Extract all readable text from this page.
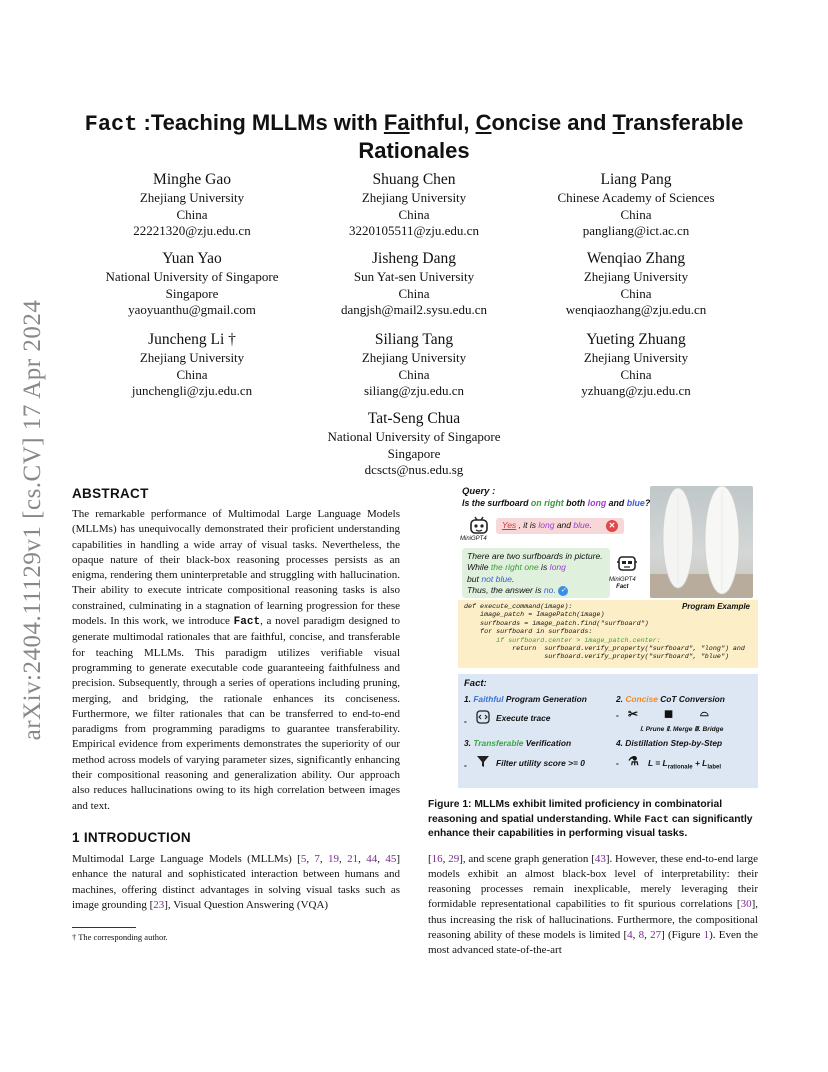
arXiv:2404.11129v1 [cs.CV] 17 Apr 2024
Fact :Teaching MLLMs with Faithful, Concise and Transferable
Rationales
Minghe Gao
Zhejiang University
China
22221320@zju.edu.cn
Shuang Chen
Zhejiang University
China
3220105511@zju.edu.cn
Liang Pang
Chinese Academy of Sciences
China
pangliang@ict.ac.cn
Yuan Yao
National University of Singapore
Singapore
yaoyuanthu@gmail.com
Jisheng Dang
Sun Yat-sen University
China
dangjsh@mail2.sysu.edu.cn
Wenqiao Zhang
Zhejiang University
China
wenqiaozhang@zju.edu.cn
Juncheng Li †
Zhejiang University
China
junchengli@zju.edu.cn
Siliang Tang
Zhejiang University
China
siliang@zju.edu.cn
Yueting Zhuang
Zhejiang University
China
yzhuang@zju.edu.cn
Tat-Seng Chua
National University of Singapore
Singapore
dcscts@nus.edu.sg
ABSTRACT

The remarkable performance of Multimodal Large Language Models (MLLMs) has unequivocally demonstrated their proficient understanding capabilities in handling a wide array of visual tasks. Nevertheless, the opaque nature of their black-box reasoning processes persists as an enigma, rendering them uninterpretable and struggling with hallucination. Their ability to execute intricate compositional reasoning tasks is also constrained, culminating in a stagnation of learning progression for these models. In this work, we introduce Fact, a novel paradigm designed to generate multimodal rationales that are faithful, concise, and transferable for teaching MLLMs. This paradigm utilizes verifiable visual programming to generate executable code guaranteeing faithfulness and precision. Subsequently, through a series of operations including pruning, merging, and bridging, the rationale enhances its conciseness. Furthermore, we filter rationales that can be transferred to end-to-end paradigms from programming paradigms to guarantee transferability. Empirical evidence from experiments demonstrates the superiority of our method across models of varying parameter sizes, significantly enhancing their compositional reasoning and generalization ability. Our approach also reduces hallucinations owing to its high correlation between images and text.

1 INTRODUCTION

Multimodal Large Language Models (MLLMs) [5, 7, 19, 21, 44, 45] enhance the natural and sophisticated interaction between humans and machines, offering distinct advantages in solving visual tasks such as image grounding [23], Visual Question Answering (VQA)

† The corresponding author.

Query :
Is the surfboard on right both long and blue?
MiniGPT4
Yes , it is long and blue.	✕
There are two surfboards in picture.
While the right one is long
but not blue.
Thus, the answer is no. ✓
MiniGPT4
Fact
Program Example
def execute_command(image):
image_patch = ImagePatch(image)
surfboards = image_patch.find("surfboard")
for surfboard in surfboards:
if surfboard.center > image_patch.center:
return  surfboard.verify_property("surfboard", "long") and
surfboard.verify_property("surfboard", "blue")
Fact:
1. Faithful Program Generation	2. Concise CoT Conversion
-	Execute trace	- ✂ ◼ ⌓
Ⅰ. Prune Ⅱ. Merge Ⅲ. Bridge
3. Transferable Verification	4. Distillation Step-by-Step
-	Filter utility score >= 0	- ⚗ $L = L_{rationale} + L_{label}$

Figure 1: MLLMs exhibit limited proficiency in combinatorial reasoning and spatial understanding. While Fact can significantly enhance their capabilities in performing visual tasks.

[16, 29], and scene graph generation [43]. However, these end-to-end large models exhibit an almost black-box level of interpretability: their reasoning processes remain inexplicable, merely leveraging their formidable representational capabilities to fit spurious correlations [30], thus increasing the risk of hallucinations. Furthermore, the compositional reasoning ability of these models is limited [4, 8, 27] (Figure 1). Even the most advanced state-of-the-art
